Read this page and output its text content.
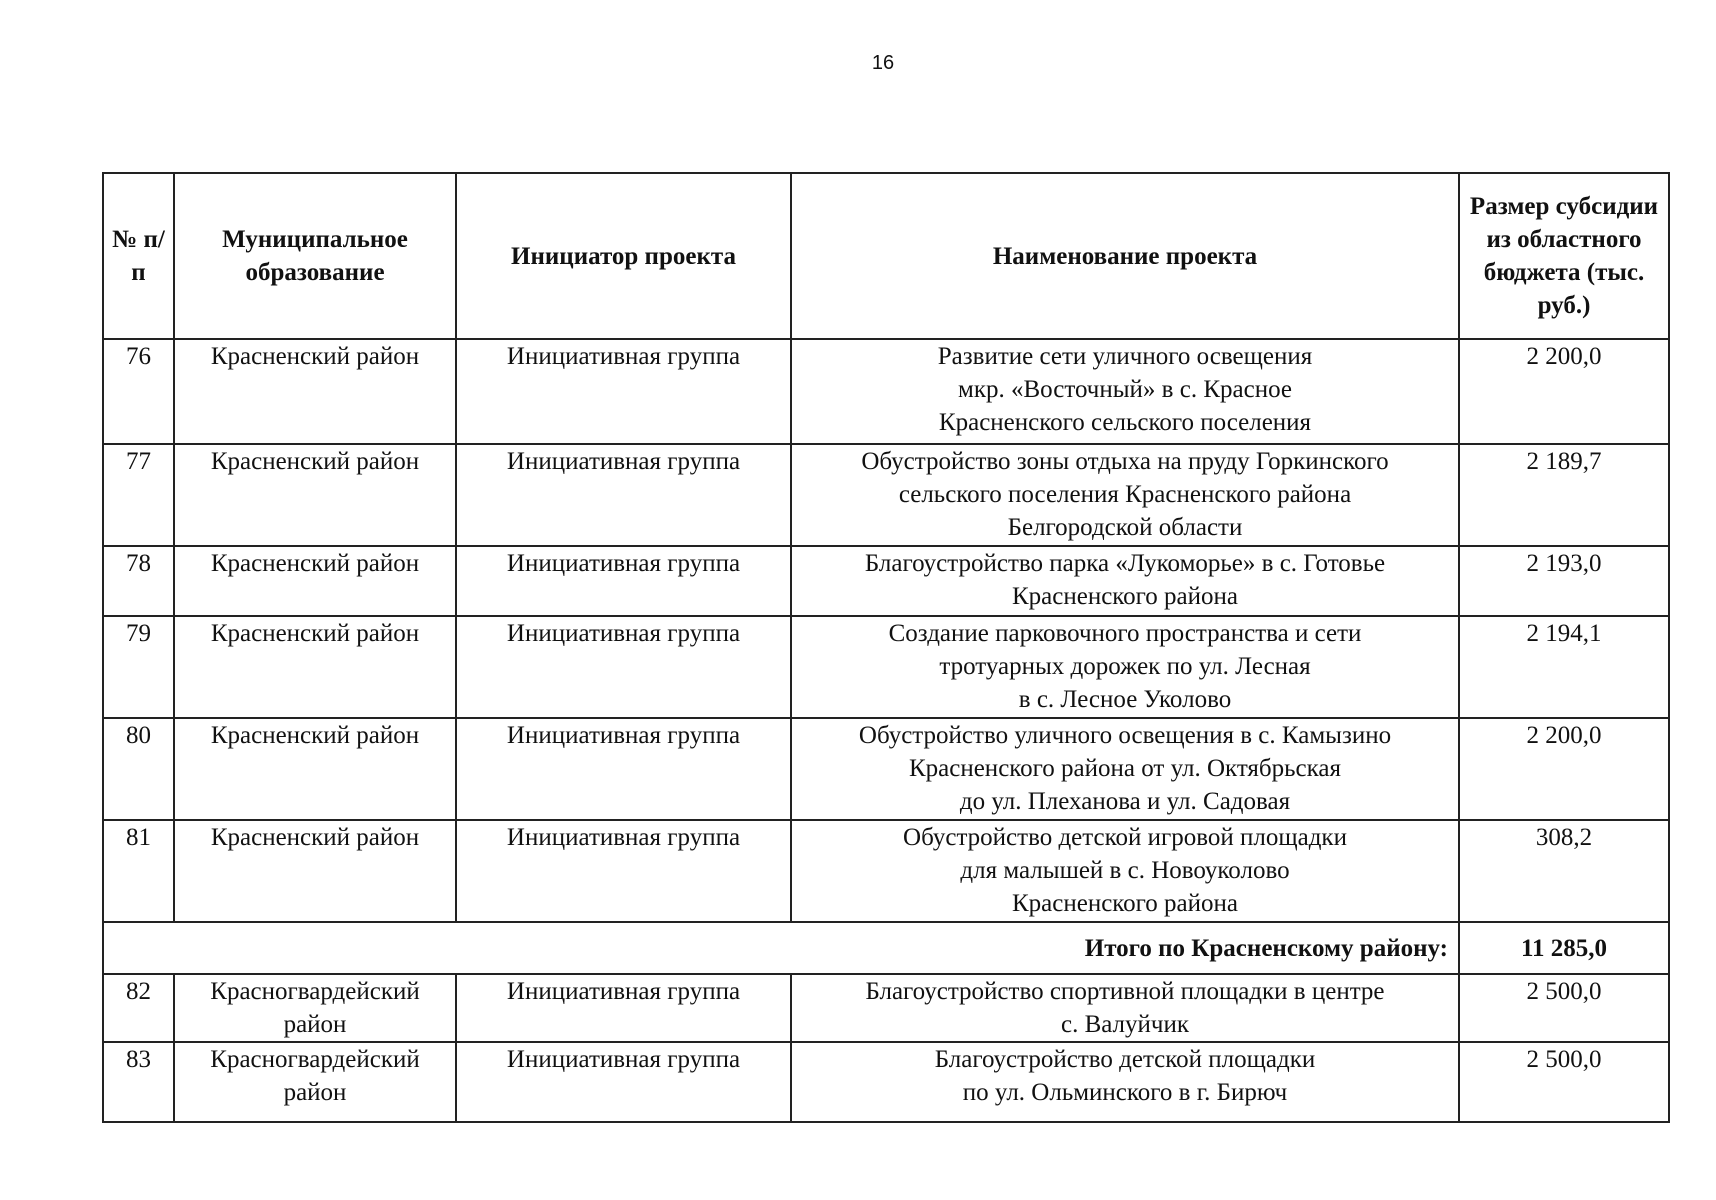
16
№ п/п	Муниципальное образование	Инициатор проекта	Наименование проекта	Размер субсидии из областного бюджета (тыс. руб.)
76	Красненский район	Инициативная группа	Развитие сети уличного освещения
мкр. «Восточный» в с. Красное
Красненского сельского поселения	2 200,0
77	Красненский район	Инициативная группа	Обустройство зоны отдыха на пруду Горкинского
сельского поселения Красненского района
Белгородской области	2 189,7
78	Красненский район	Инициативная группа	Благоустройство парка «Лукоморье» в с. Готовье
Красненского района	2 193,0
79	Красненский район	Инициативная группа	Создание парковочного пространства и сети
тротуарных дорожек по ул. Лесная
в с. Лесное Уколово	2 194,1
80	Красненский район	Инициативная группа	Обустройство уличного освещения в с. Камызино
Красненского района от ул. Октябрьская
до ул. Плеханова и ул. Садовая	2 200,0
81	Красненский район	Инициативная группа	Обустройство детской игровой площадки
для малышей в с. Новоуколово
Красненского района	308,2
Итого по Красненскому району:				11 285,0
82	Красногвардейский район	Инициативная группа	Благоустройство спортивной площадки в центре
с. Валуйчик	2 500,0
83	Красногвардейский район	Инициативная группа	Благоустройство детской площадки
по ул. Ольминского в г. Бирюч	2 500,0
